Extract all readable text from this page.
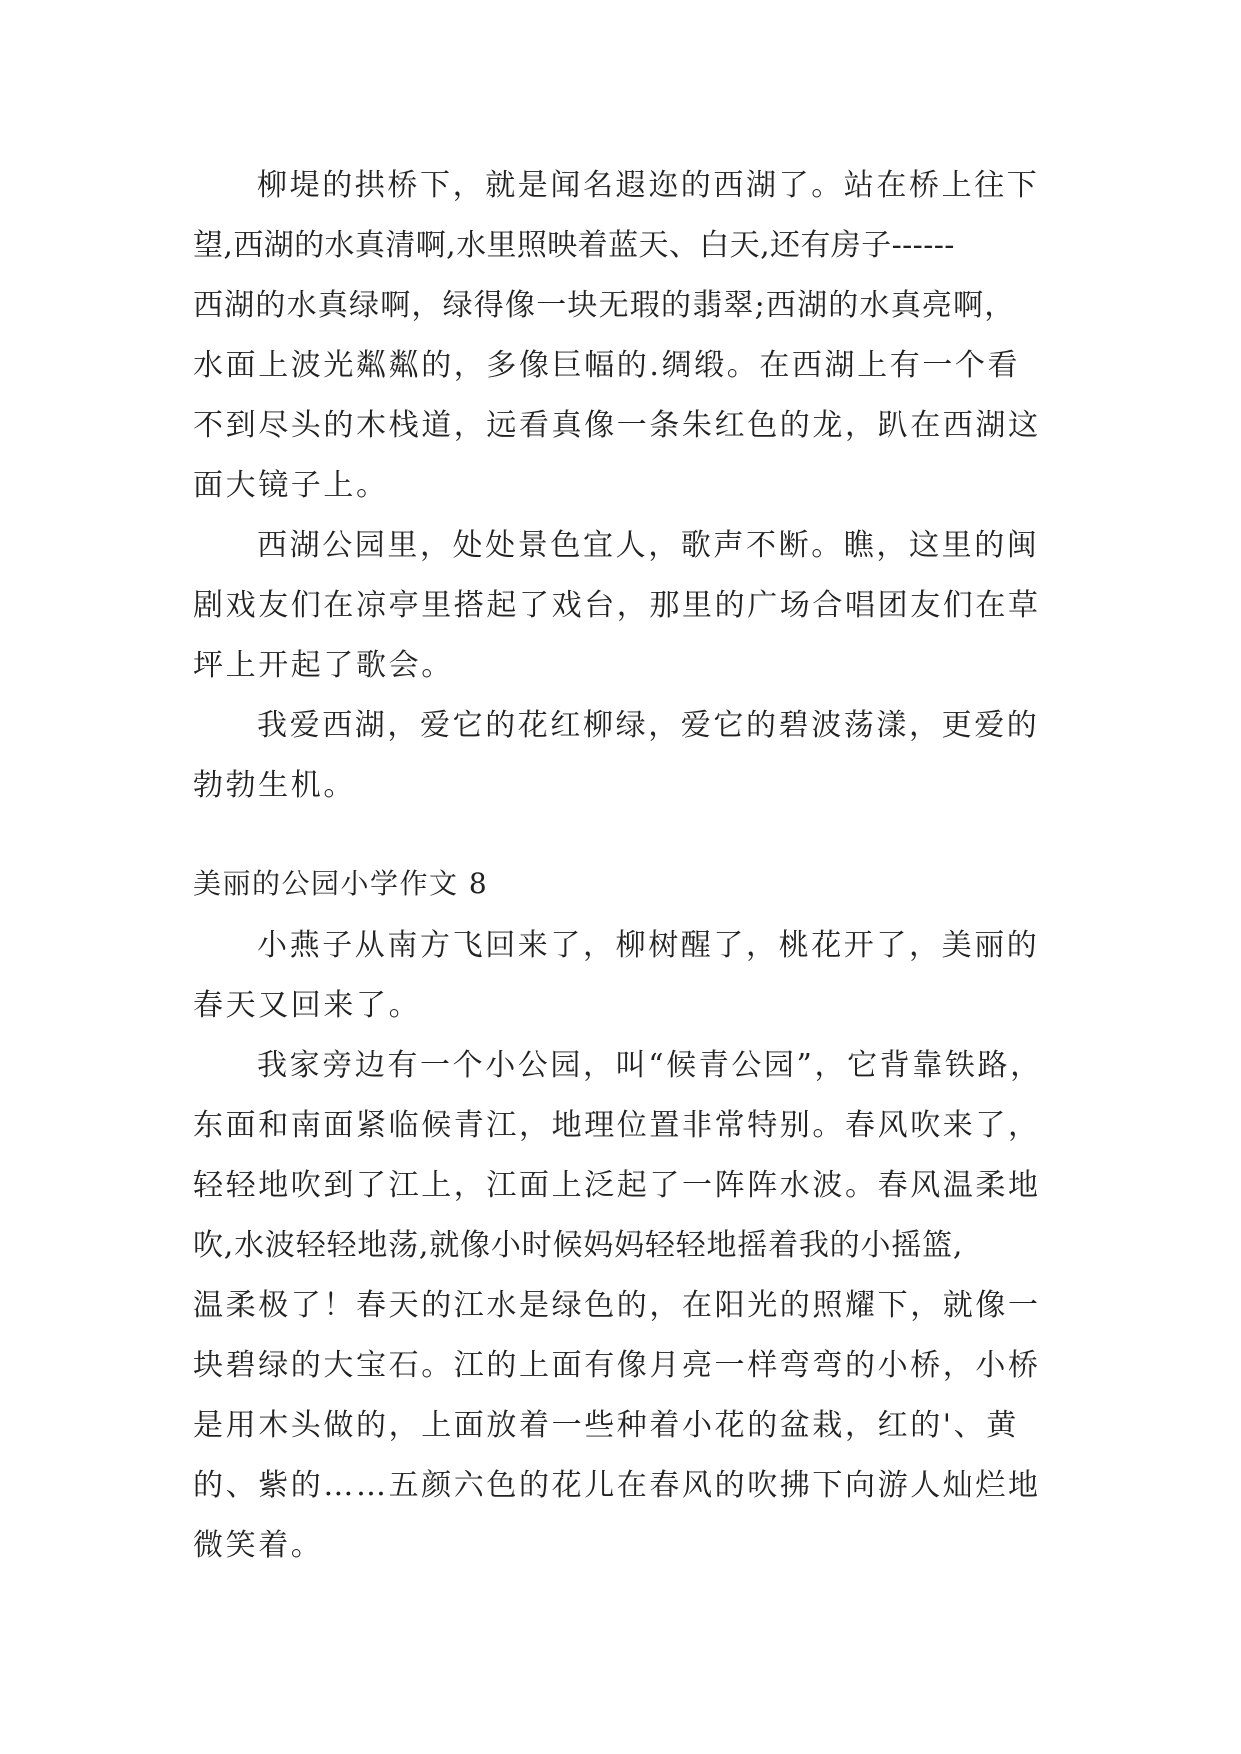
柳堤的拱桥下，就是闻名遐迩的西湖了。站在桥上往下
望,西湖的水真清啊,水里照映着蓝天、白天,还有房子------
西湖的水真绿啊，绿得像一块无瑕的翡翠;西湖的水真亮啊，
水面上波光粼粼的，多像巨幅的.绸缎。在西湖上有一个看
不到尽头的木栈道，远看真像一条朱红色的龙，趴在西湖这
面大镜子上。
西湖公园里，处处景色宜人，歌声不断。瞧，这里的闽
剧戏友们在凉亭里搭起了戏台，那里的广场合唱团友们在草
坪上开起了歌会。
我爱西湖，爱它的花红柳绿，爱它的碧波荡漾，更爱的
勃勃生机。
美丽的公园小学作文 8
小燕子从南方飞回来了，柳树醒了，桃花开了，美丽的
春天又回来了。
我家旁边有一个小公园，叫“候青公园”，它背靠铁路，
东面和南面紧临候青江，地理位置非常特别。春风吹来了，
轻轻地吹到了江上，江面上泛起了一阵阵水波。春风温柔地
吹,水波轻轻地荡,就像小时候妈妈轻轻地摇着我的小摇篮,
温柔极了！春天的江水是绿色的，在阳光的照耀下，就像一
块碧绿的大宝石。江的上面有像月亮一样弯弯的小桥，小桥
是用木头做的，上面放着一些种着小花的盆栽，红的'、黄
的、紫的……五颜六色的花儿在春风的吹拂下向游人灿烂地
微笑着。
